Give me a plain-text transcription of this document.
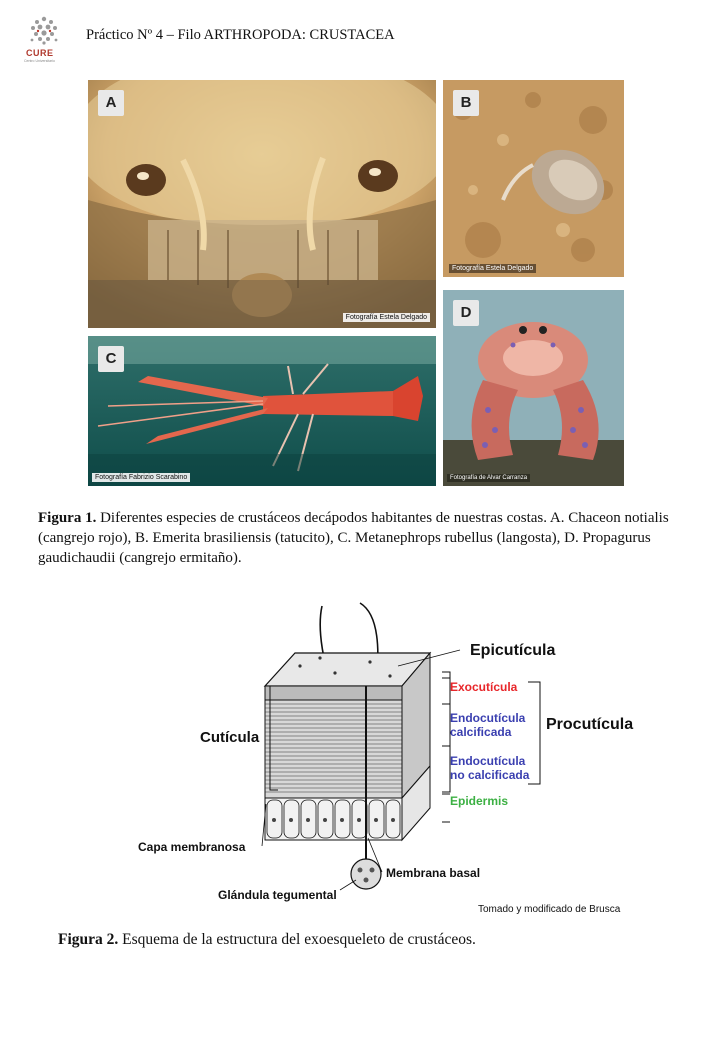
CURE
Centro Universitario
Práctico Nº 4 – Filo ARTHROPODA: CRUSTACEA
A
Fotografía Estela Delgado
B
Fotografía Estela Delgado
C
Fotografía Fabrizio Scarabino
D
Fotografía de Alvar Carranza
Figura 1. Diferentes especies de crustáceos decápodos habitantes de nuestras costas. A. Chaceon notialis (cangrejo rojo), B. Emerita brasiliensis (tatucito), C. Metanephrops rubellus (langosta), D. Propagurus gaudichaudii (cangrejo ermitaño).
Epicutícula
Exocutícula
Endocutícula
calcificada
Endocutícula
no calcificada
Epidermis
Procutícula
Cutícula
Capa membranosa
Membrana basal
Glándula tegumental
Tomado y modificado de Brusca
Figura 2. Esquema de la estructura del exoesqueleto de crustáceos.
